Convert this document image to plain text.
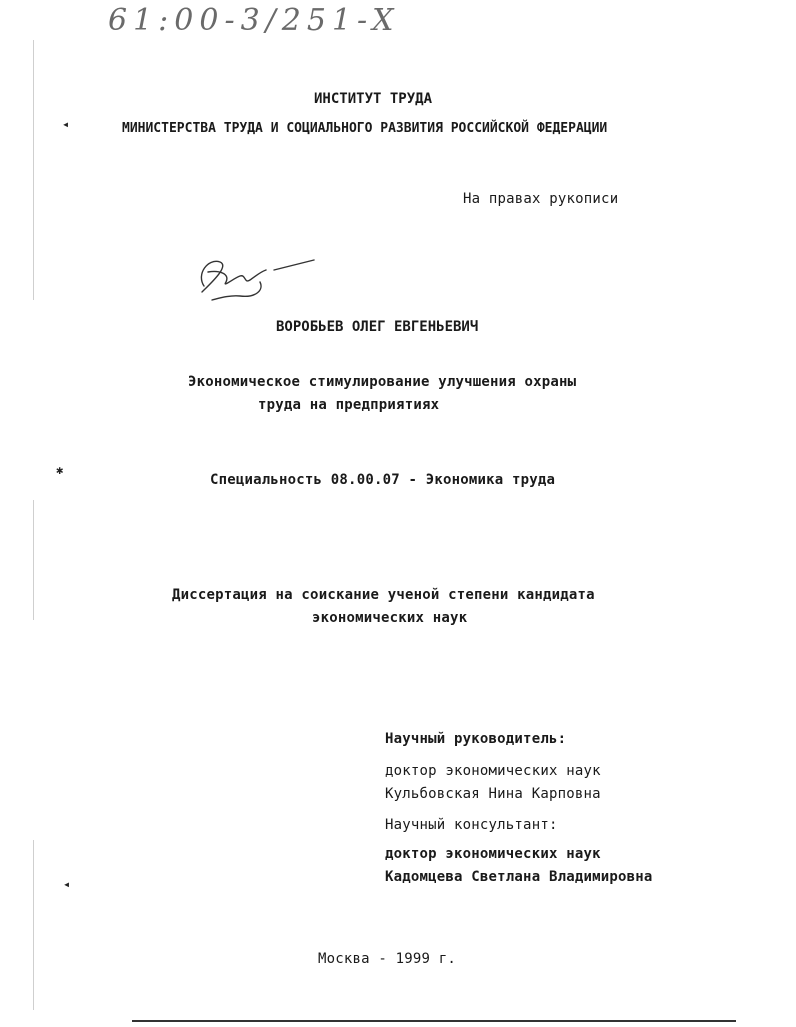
61:00-3/251-X
◂
✱
◂
ИНСТИТУТ ТРУДА
МИНИСТЕРСТВА ТРУДА И СОЦИАЛЬНОГО РАЗВИТИЯ РОССИЙСКОЙ ФЕДЕРАЦИИ
На правах рукописи
ВОРОБЬЕВ ОЛЕГ ЕВГЕНЬЕВИЧ
Экономическое стимулирование улучшения охраны
труда на предприятиях
Специальность 08.00.07 - Экономика труда
Диссертация на соискание ученой степени кандидата
экономических наук
Научный руководитель:
доктор экономических наук
Кульбовская Нина Карповна
Научный консультант:
доктор экономических наук
Кадомцева Светлана Владимировна
Москва - 1999 г.
